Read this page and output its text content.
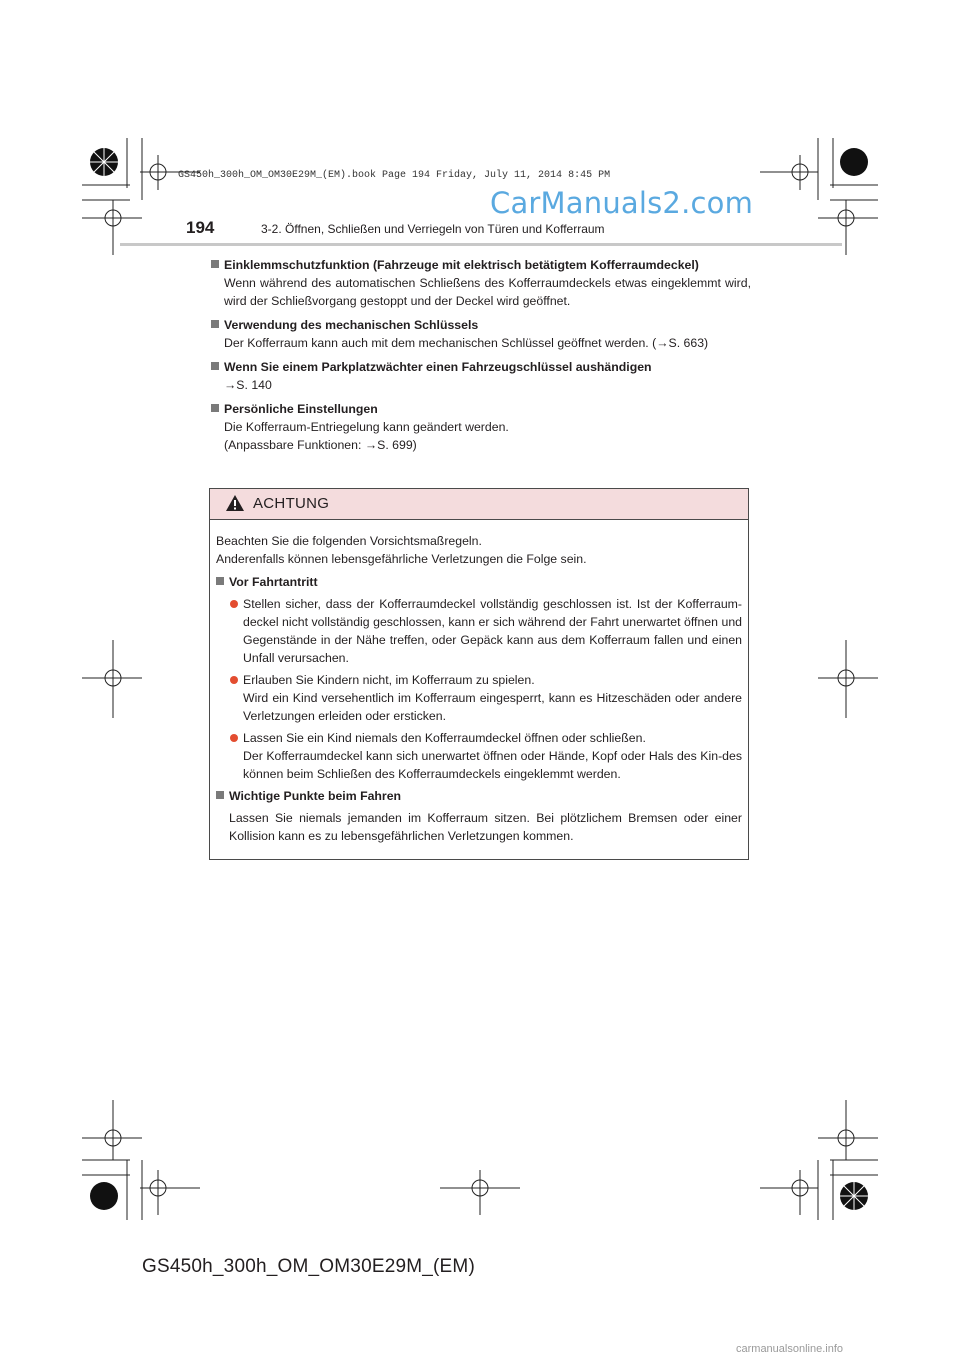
GS450h_300h_OM_OM30E29M_(EM).book Page 194 Friday, July 11, 2014 8:45 PM
CarManuals2.com
194	3-2. Öffnen, Schließen und Verriegeln von Türen und Kofferraum
Einklemmschutzfunktion (Fahrzeuge mit elektrisch betätigtem Kofferraumdeckel)
Wenn während des automatischen Schließens des Kofferraumdeckels etwas eingeklemmt wird, wird der Schließvorgang gestoppt und der Deckel wird geöffnet.
Verwendung des mechanischen Schlüssels
Der Kofferraum kann auch mit dem mechanischen Schlüssel geöffnet werden. (→S. 663)
Wenn Sie einem Parkplatzwächter einen Fahrzeugschlüssel aushändigen
→S. 140
Persönliche Einstellungen
Die Kofferraum-Entriegelung kann geändert werden.
(Anpassbare Funktionen: →S. 699)
ACHTUNG
Beachten Sie die folgenden Vorsichtsmaßregeln.
Anderenfalls können lebensgefährliche Verletzungen die Folge sein.
Vor Fahrtantritt
Stellen sicher, dass der Kofferraumdeckel vollständig geschlossen ist. Ist der Kofferraum-deckel nicht vollständig geschlossen, kann er sich während der Fahrt unerwartet öffnen und Gegenstände in der Nähe treffen, oder Gepäck kann aus dem Kofferraum fallen und einen Unfall verursachen.
Erlauben Sie Kindern nicht, im Kofferraum zu spielen.
Wird ein Kind versehentlich im Kofferraum eingesperrt, kann es Hitzeschäden oder andere Verletzungen erleiden oder ersticken.
Lassen Sie ein Kind niemals den Kofferraumdeckel öffnen oder schließen.
Der Kofferraumdeckel kann sich unerwartet öffnen oder Hände, Kopf oder Hals des Kin-des können beim Schließen des Kofferraumdeckels eingeklemmt werden.
Wichtige Punkte beim Fahren
Lassen Sie niemals jemanden im Kofferraum sitzen. Bei plötzlichem Bremsen oder einer Kollision kann es zu lebensgefährlichen Verletzungen kommen.
GS450h_300h_OM_OM30E29M_(EM)
carmanualsonline.info
